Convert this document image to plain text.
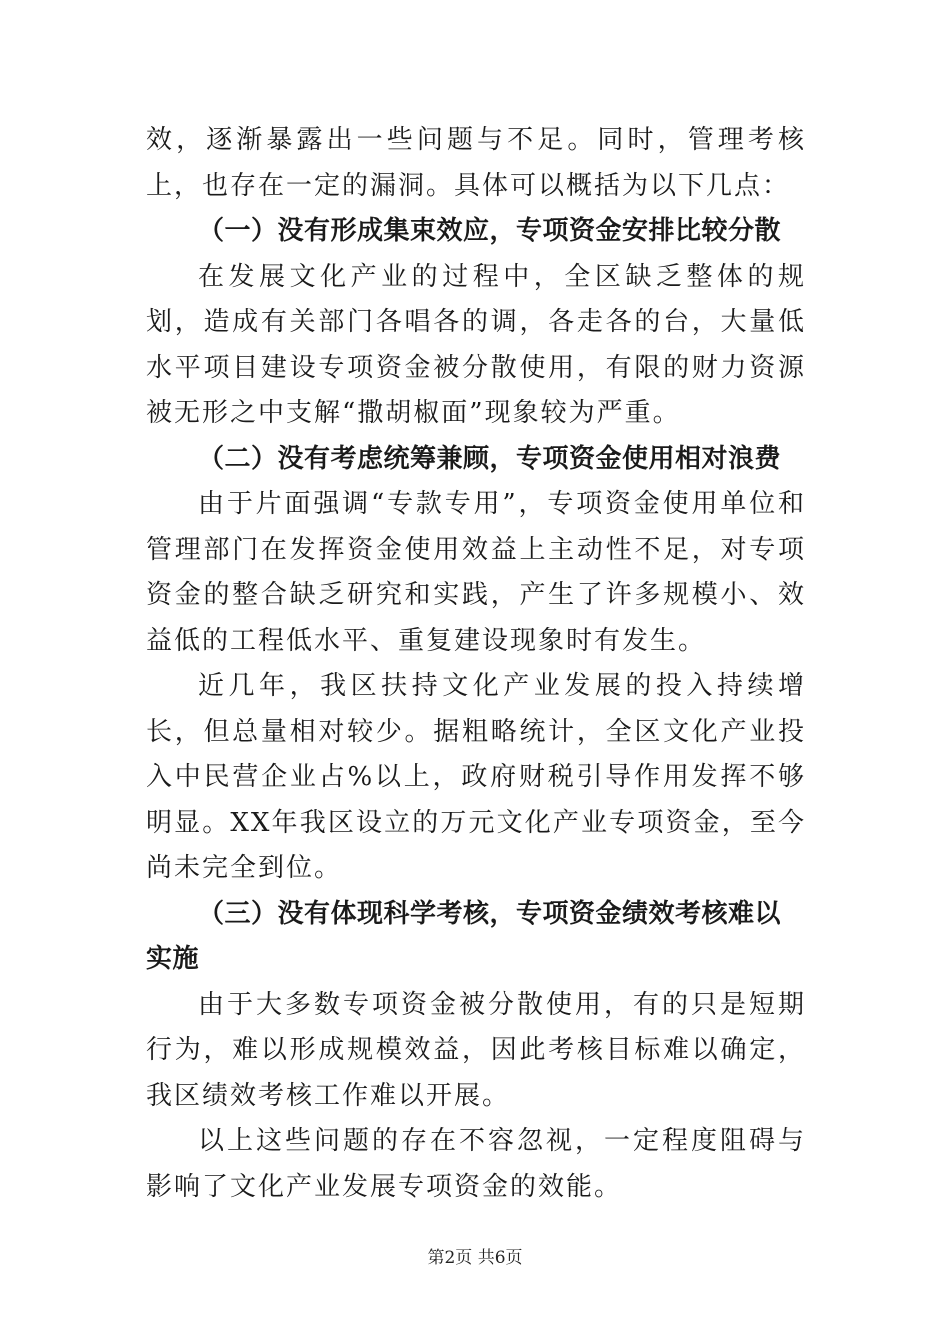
效，逐渐暴露出一些问题与不足。同时，管理考核上，也存在一定的漏洞。具体可以概括为以下几点：

（一）没有形成集束效应，专项资金安排比较分散

在发展文化产业的过程中，全区缺乏整体的规划，造成有关部门各唱各的调，各走各的台，大量低水平项目建设专项资金被分散使用，有限的财力资源被无形之中支解“撒胡椒面”现象较为严重。

（二）没有考虑统筹兼顾，专项资金使用相对浪费

由于片面强调“专款专用”，专项资金使用单位和管理部门在发挥资金使用效益上主动性不足，对专项资金的整合缺乏研究和实践，产生了许多规模小、效益低的工程低水平、重复建设现象时有发生。

近几年，我区扶持文化产业发展的投入持续增长，但总量相对较少。据粗略统计，全区文化产业投入中民营企业占%以上，政府财税引导作用发挥不够明显。XX年我区设立的万元文化产业专项资金，至今尚未完全到位。

（三）没有体现科学考核，专项资金绩效考核难以实施

由于大多数专项资金被分散使用，有的只是短期行为，难以形成规模效益，因此考核目标难以确定，我区绩效考核工作难以开展。

以上这些问题的存在不容忽视，一定程度阻碍与影响了文化产业发展专项资金的效能。

第2页 共6页
